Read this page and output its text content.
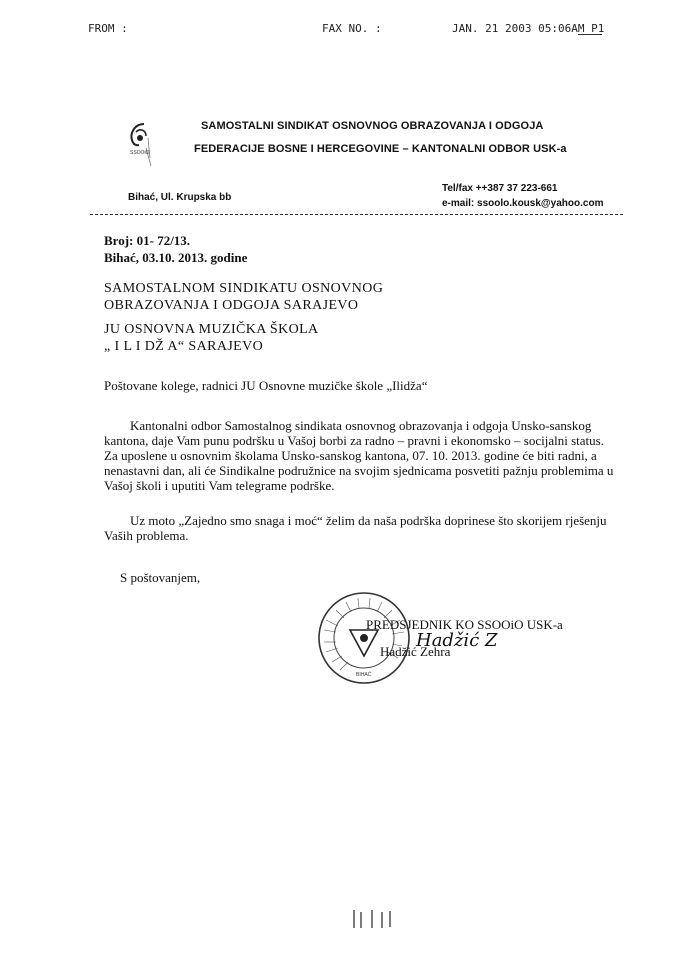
FROM :	FAX NO. :	JAN. 21 2003 05:06AM P1
SSOOiO
SAMOSTALNI SINDIKAT OSNOVNOG OBRAZOVANJA I ODGOJA
FEDERACIJE BOSNE I HERCEGOVINE – KANTONALNI ODBOR USK-a
Bihać, Ul. Krupska bb
Tel/fax ++387 37 223-661
e-mail: ssoolo.kousk@yahoo.com
Broj: 01- 72/13.
Bihać, 03.10. 2013. godine
SAMOSTALNOM SINDIKATU OSNOVNOG
OBRAZOVANJA I ODGOJA SARAJEVO
JU OSNOVNA MUZIČKA ŠKOLA
„ I L I DŽ A“ SARAJEVO
Poštovane kolege, radnici JU Osnovne muzičke škole „Ilidža“
Kantonalni odbor Samostalnog sindikata osnovnog obrazovanja i odgoja Unsko-sanskog
kantona, daje Vam punu podršku u Vašoj borbi za radno – pravni i ekonomsko – socijalni status.
Za uposlene u osnovnim školama Unsko-sanskog kantona, 07. 10. 2013. godine će biti radni, a
nenastavni dan, ali će Sindikalne podružnice na svojim sjednicama posvetiti pažnju problemima u
Vašoj školi i uputiti Vam telegrame podrške.
Uz moto „Zajedno smo snaga i moć“ želim da naša podrška doprinese što skorijem rješenju
Vaših problema.
S poštovanjem,
BIHAĆ
PREDSJEDNIK KO SSOOiO USK-a
Hadžić Z
Hadžić Zehra
